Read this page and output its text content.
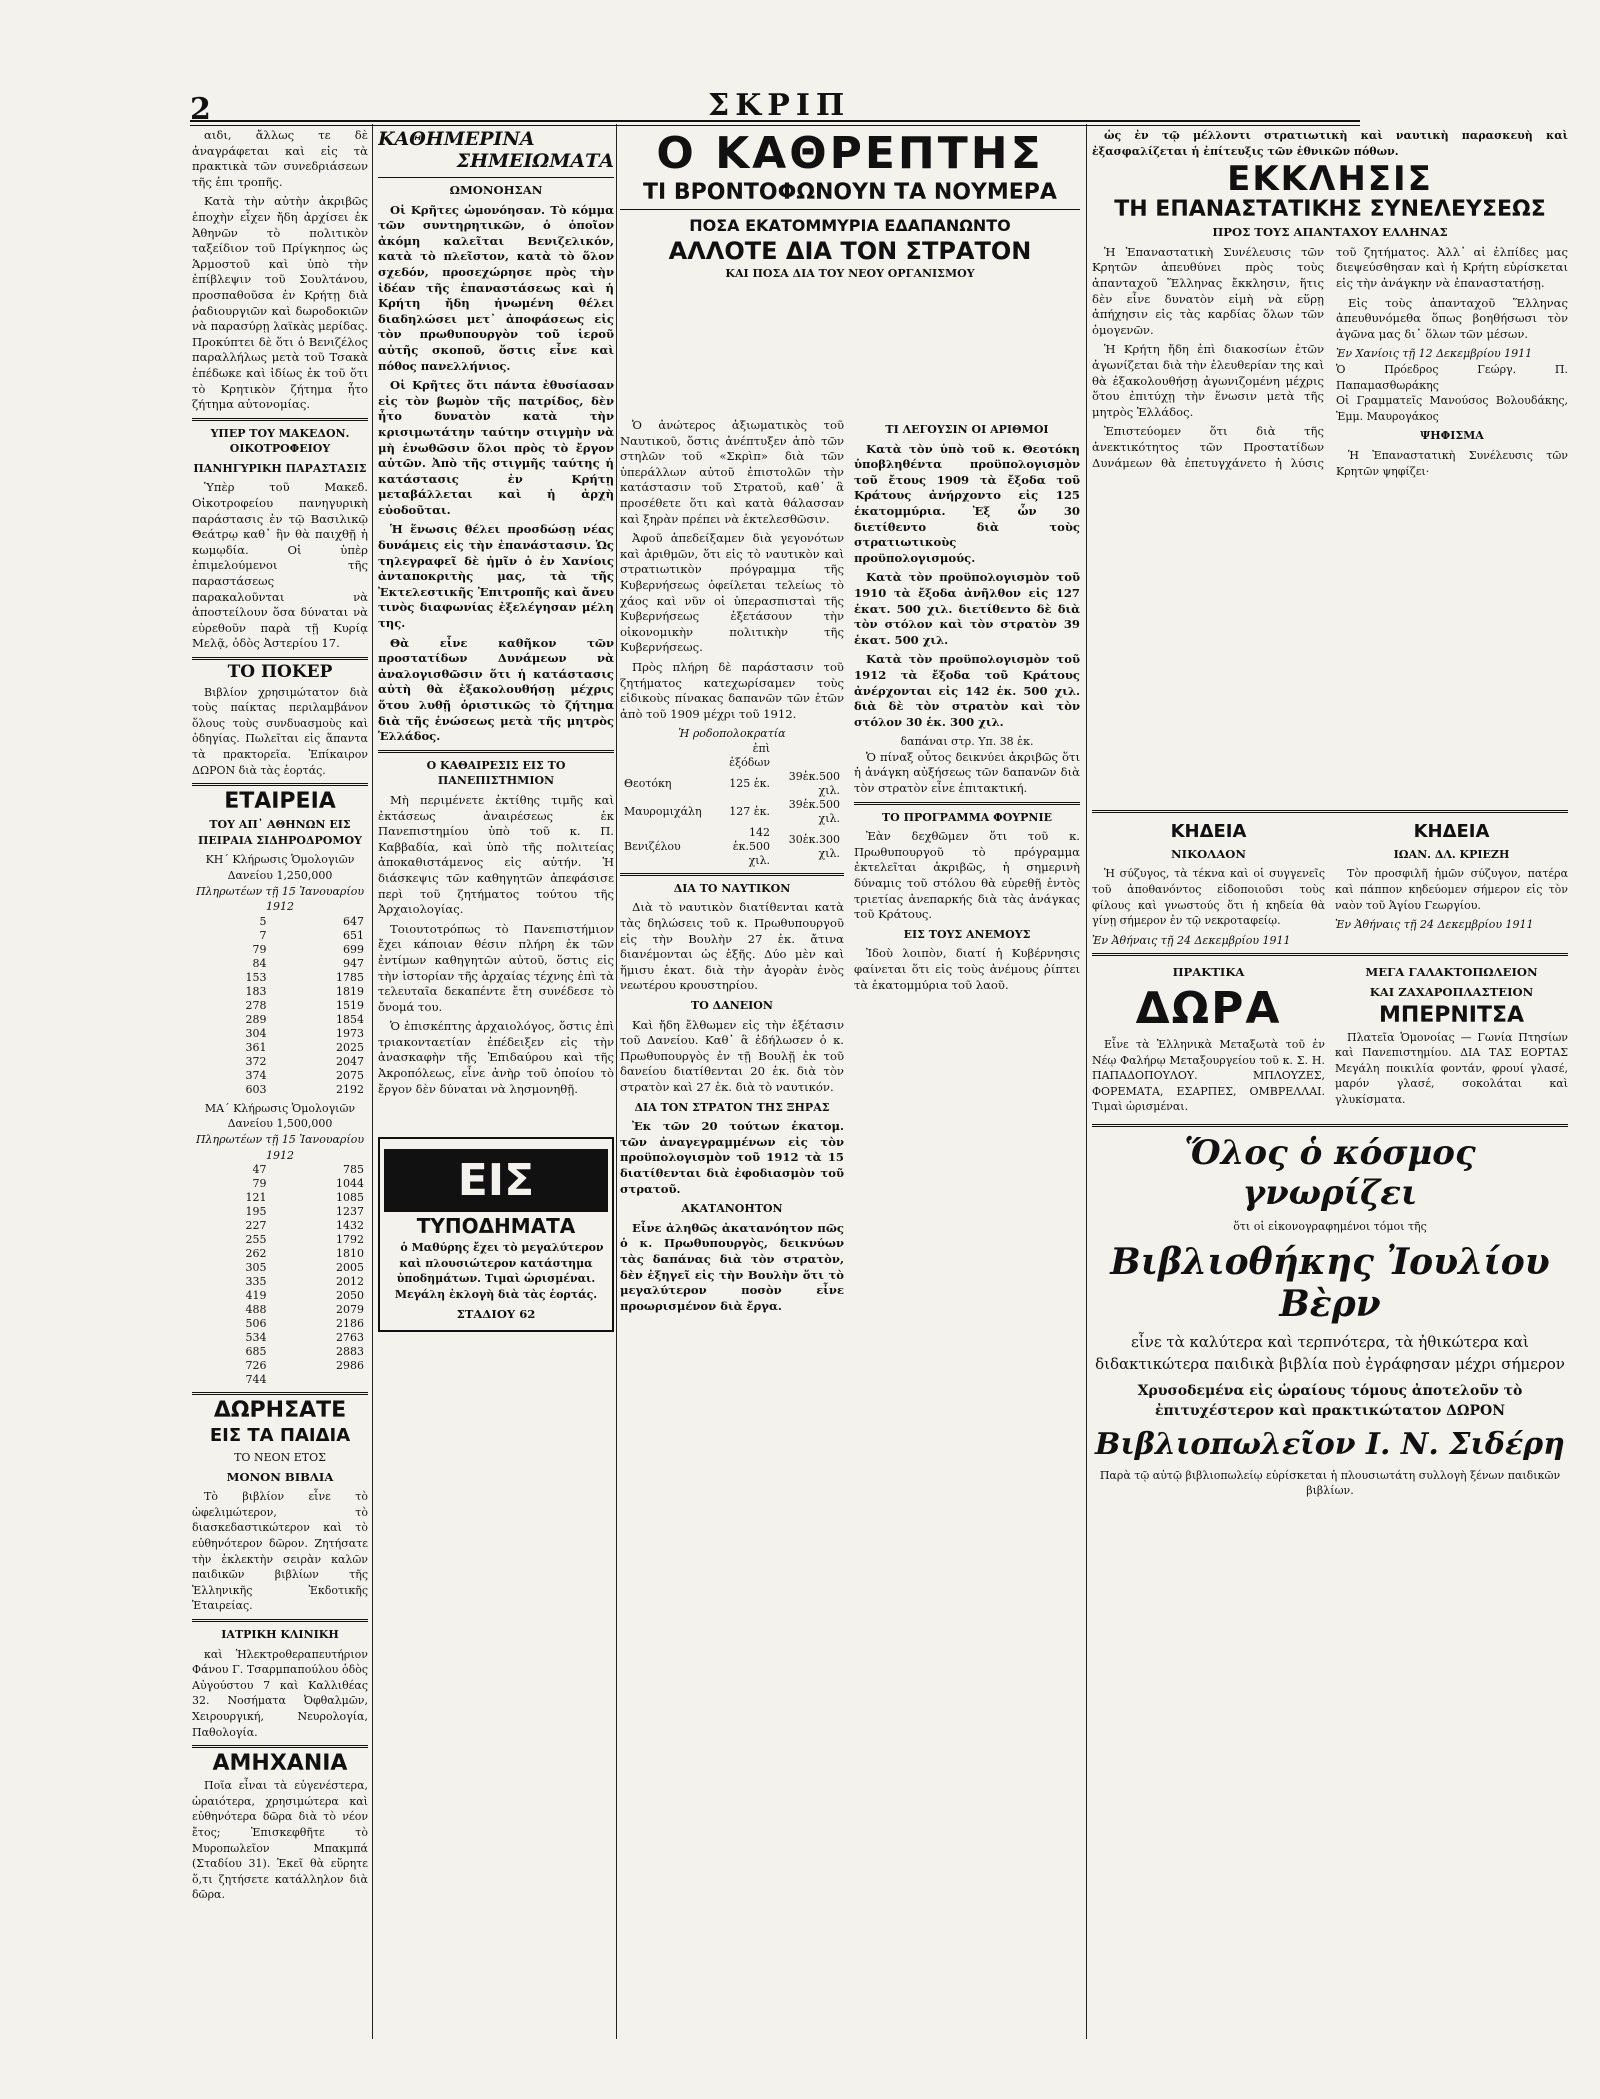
2	ΣΚΡΙΠ

αιδι, ἄλλως τε δὲ ἀναγράφεται καὶ εἰς τὰ πρακτικὰ τῶν συνεδριάσεων τῆς ἐπι τροπῆς.

Κατὰ τὴν αὐτὴν ἀκριβῶς ἐποχὴν εἶχεν ἤδη ἀρχίσει ἐκ Ἀθηνῶν τὸ πολιτικὸν ταξείδιον τοῦ Πρίγκηπος ὡς Ἁρμοστοῦ καὶ ὑπὸ τὴν ἐπίβλεψιν τοῦ Σουλτάνου, προσπαθοῦσα ἐν Κρήτῃ διὰ ῥαδιουργιῶν καὶ δωροδοκιῶν νὰ παρασύρῃ λαϊκὰς μερίδας. Προκύπτει δὲ ὅτι ὁ Βενιζέλος παραλλήλως μετὰ τοῦ Τσακὰ ἐπέδωκε καὶ ἰδίως ἐκ τοῦ ὅτι τὸ Κρητικὸν ζήτημα ἦτο ζήτημα αὐτονομίας.

ΥΠΕΡ ΤΟΥ ΜΑΚΕΔΟΝ. ΟΙΚΟΤΡΟΦΕΙΟΥ
ΠΑΝΗΓΥΡΙΚΗ ΠΑΡΑΣΤΑΣΙΣ

Ὑπὲρ τοῦ Μακεδ. Οἰκοτροφείου πανηγυρικὴ παράστασις ἐν τῷ Βασιλικῷ Θεάτρῳ καθ᾽ ἣν θὰ παιχθῇ ἡ κωμῳδία. Οἱ ὑπὲρ ἐπιμελούμενοι τῆς παραστάσεως παρακαλοῦνται νὰ ἀποστείλουν ὅσα δύναται νὰ εὑρεθοῦν παρὰ τῇ Κυρίᾳ Μελᾷ, ὁδὸς Ἀστερίου 17.

ΤΟ ΠΟΚΕΡ

Βιβλίον χρησιμώτατον διὰ τοὺς παίκτας περιλαμβάνον ὅλους τοὺς συνδυασμοὺς καὶ ὁδηγίας. Πωλεῖται εἰς ἅπαντα τὰ πρακτορεῖα. Ἐπίκαιρον ΔΩΡΟΝ διὰ τὰς ἑορτάς.

ΕΤΑΙΡΕΙΑ
ΤΟΥ ΑΠ᾽ ΑΘΗΝΩΝ ΕΙΣ ΠΕΙΡΑΙΑ ΣΙΔΗΡΟΔΡΟΜΟΥ
ΚΗ΄ Κλήρωσις Ὁμολογιῶν Δανείου 1,250,000
Πληρωτέων τῇ 15 Ἰανουαρίου 1912
5	647
7	651
79	699
84	947
153	1785
183	1819
278	1519
289	1854
304	1973
361	2025
372	2047
374	2075
603	2192
ΜΑ΄ Κλήρωσις Ὁμολογιῶν Δανείου 1,500,000
Πληρωτέων τῇ 15 Ἰανουαρίου 1912
47	785
79	1044
121	1085
195	1237
227	1432
255	1792
262	1810
305	2005
335	2012
419	2050
488	2079
506	2186
534	2763
685	2883
726	2986
744	
ΔΩΡΗΣΑΤΕ
ΕΙΣ ΤΑ ΠΑΙΔΙΑ
ΤΟ ΝΕΟΝ ΕΤΟΣ
ΜΟΝΟΝ ΒΙΒΛΙΑ

Τὸ βιβλίον εἶνε τὸ ὠφελιμώτερον, τὸ διασκεδαστικώτερον καὶ τὸ εὐθηνότερον δῶρον. Ζητήσατε τὴν ἐκλεκτὴν σειρὰν καλῶν παιδικῶν βιβλίων τῆς Ἑλληνικῆς Ἐκδοτικῆς Ἑταιρείας.

ΙΑΤΡΙΚΗ ΚΛΙΝΙΚΗ

καὶ Ἠλεκτροθεραπευτήριον Φάνου Γ. Τσαρμπαπούλου ὁδὸς Αὐγούστου 7 καὶ Καλλιθέας 32. Νοσήματα Ὀφθαλμῶν, Χειρουργική, Νευρολογία, Παθολογία.

ΑΜΗΧΑΝΙΑ

Ποῖα εἶναι τὰ εὐγενέστερα, ὡραιότερα, χρησιμώτερα καὶ εὐθηνότερα δῶρα διὰ τὸ νέον ἔτος; Ἐπισκεφθῆτε τὸ Μυροπωλεῖον Μπακμπά (Σταδίου 31). Ἐκεῖ θὰ εὕρητε ὅ,τι ζητήσετε κατάλληλον διὰ δῶρα.

ΚΑΘΗΜΕΡΙΝΑ
ΣΗΜΕΙΩΜΑΤΑ
ΩΜΟΝΟΗΣΑΝ

Οἱ Κρῆτες ὡμονόησαν. Τὸ κόμμα τῶν συντηρητικῶν, ὁ ὁποῖον ἀκόμη καλεῖται Βενιζελικόν, κατὰ τὸ πλεῖστον, κατὰ τὸ ὅλον σχεδόν, προσεχώρησε πρὸς τὴν ἰδέαν τῆς ἐπαναστάσεως καὶ ἡ Κρήτη ἤδη ἡνωμένη θέλει διαδηλώσει μετ᾽ ἀποφάσεως εἰς τὸν πρωθυπουργὸν τοῦ ἱεροῦ αὐτῆς σκοποῦ, ὅστις εἶνε καὶ πόθος πανελλήνιος.

Οἱ Κρῆτες ὅτι πάντα ἐθυσίασαν εἰς τὸν βωμὸν τῆς πατρίδος, δὲν ἦτο δυνατὸν κατὰ τὴν κρισιμωτάτην ταύτην στιγμὴν νὰ μὴ ἑνωθῶσιν ὅλοι πρὸς τὸ ἔργον αὐτῶν. Ἀπὸ τῆς στιγμῆς ταύτης ἡ κατάστασις ἐν Κρήτῃ μεταβάλλεται καὶ ἡ ἀρχὴ εὐοδοῦται.

Ἡ ἕνωσις θέλει προσδώσῃ νέας δυνάμεις εἰς τὴν ἐπανάστασιν. Ὡς τηλεγραφεῖ δὲ ἡμῖν ὁ ἐν Χανίοις ἀνταποκριτὴς μας, τὰ τῆς Ἐκτελεστικῆς Ἐπιτροπῆς καὶ ἄνευ τινὸς διαφωνίας ἐξελέγησαν μέλη της.

Θὰ εἶνε καθῆκον τῶν προστατίδων Δυνάμεων νὰ ἀναλογισθῶσιν ὅτι ἡ κατάστασις αὐτὴ θὰ ἐξακολουθήσῃ μέχρις ὅτου λυθῇ ὁριστικῶς τὸ ζήτημα διὰ τῆς ἑνώσεως μετὰ τῆς μητρὸς Ἑλλάδος.

Ο ΚΑΘΑΙΡΕΣΙΣ ΕΙΣ ΤΟ ΠΑΝΕΠΙΣΤΗΜΙΟΝ

Μὴ περιμένετε ἐκτίθης τιμῆς καὶ ἐκτάσεως ἀναιρέσεως ἐκ Πανεπιστημίου ὑπὸ τοῦ κ. Π. Καββαδία, καὶ ὑπὸ τῆς πολιτείας ἀποκαθιστάμενος εἰς αὐτήν. Ἡ διάσκεψις τῶν καθηγητῶν ἀπεφάσισε περὶ τοῦ ζητήματος τούτου τῆς Ἀρχαιολογίας.

Τοιουτοτρόπως τὸ Πανεπιστήμιον ἔχει κάποιαν θέσιν πλήρη ἐκ τῶν ἐντίμων καθηγητῶν αὐτοῦ, ὅστις εἰς τὴν ἱστορίαν τῆς ἀρχαίας τέχνης ἐπὶ τὰ τελευταῖα δεκαπέντε ἔτη συνέδεσε τὸ ὄνομά του.

Ὁ ἐπισκέπτης ἀρχαιολόγος, ὅστις ἐπὶ τριακονταετίαν ἐπέδειξεν εἰς τὴν ἀνασκαφὴν τῆς Ἐπιδαύρου καὶ τῆς Ἀκροπόλεως, εἶνε ἀνὴρ τοῦ ὁποίου τὸ ἔργον δὲν δύναται νὰ λησμονηθῇ.

ΕΙΣ
ΤΥΠΟΔΗΜΑΤΑ

ὁ Μαθύρης ἔχει τὸ μεγαλύτερον καὶ πλουσιώτερον κατάστημα ὑποδημάτων. Τιμαὶ ὡρισμέναι. Μεγάλη ἐκλογὴ διὰ τὰς ἑορτάς.

ΣΤΑΔΙΟΥ 62
Ο ΚΑΘΡΕΠΤΗΣ
ΤΙ ΒΡΟΝΤΟΦΩΝΟΥΝ ΤΑ ΝΟΥΜΕΡΑ
ΠΟΣΑ ΕΚΑΤΟΜΜΥΡΙΑ ΕΔΑΠΑΝΩΝΤΟ
ΑΛΛΟΤΕ ΔΙΑ ΤΟΝ ΣΤΡΑΤΟΝ
ΚΑΙ ΠΟΣΑ ΔΙΑ ΤΟΥ ΝΕΟΥ ΟΡΓΑΝΙΣΜΟΥ

Ὁ ἀνώτερος ἀξιωματικὸς τοῦ Ναυτικοῦ, ὅστις ἀνέπτυξεν ἀπὸ τῶν στηλῶν τοῦ «Σκρὶπ» διὰ τῶν ὑπεράλλων αὐτοῦ ἐπιστολῶν τὴν κατάστασιν τοῦ Στρατοῦ, καθ᾽ ἃ προσέθετε ὅτι καὶ κατὰ θάλασσαν καὶ ξηρὰν πρέπει νὰ ἐκτελεσθῶσιν.

Ἀφοῦ ἀπεδείξαμεν διὰ γεγονότων καὶ ἀριθμῶν, ὅτι εἰς τὸ ναυτικὸν καὶ στρατιωτικὸν πρόγραμμα τῆς Κυβερνήσεως ὀφείλεται τελείως τὸ χάος καὶ νῦν οἱ ὑπερασπισταὶ τῆς Κυβερνήσεως ἐξετάσουν τὴν οἰκονομικὴν πολιτικὴν τῆς Κυβερνήσεως.

Πρὸς πλήρη δὲ παράστασιν τοῦ ζητήματος κατεχωρίσαμεν τοὺς εἰδικοὺς πίνακας δαπανῶν τῶν ἐτῶν ἀπὸ τοῦ 1909 μέχρι τοῦ 1912.

Ἡ ροδοπολοκρατία
	ἐπὶ ἐξόδων	
Θεοτόκη	125 ἑκ.	39ἑκ.500 χιλ.
Μαυρομιχάλη	127 ἑκ.	39ἑκ.500 χιλ.
Βενιζέλου	142 ἑκ.500 χιλ.	30ἑκ.300 χιλ.
ΔΙΑ ΤΟ ΝΑΥΤΙΚΟΝ

Διὰ τὸ ναυτικὸν διατίθενται κατὰ τὰς δηλώσεις τοῦ κ. Πρωθυπουργοῦ εἰς τὴν Βουλὴν 27 ἑκ. ἄτινα διανέμονται ὡς ἑξῆς. Δύο μὲν καὶ ἥμισυ ἑκατ. διὰ τὴν ἀγορὰν ἑνὸς νεωτέρου κρουστηρίου.

ΤΟ ΔΑΝΕΙΟΝ

Καὶ ἤδη ἔλθωμεν εἰς τὴν ἐξέτασιν τοῦ Δανείου. Καθ᾽ ἃ ἐδήλωσεν ὁ κ. Πρωθυπουργὸς ἐν τῇ Βουλῇ ἐκ τοῦ δανείου διατίθενται 20 ἑκ. διὰ τὸν στρατὸν καὶ 27 ἑκ. διὰ τὸ ναυτικόν.

ΔΙΑ ΤΟΝ ΣΤΡΑΤΟΝ ΤΗΣ ΞΗΡΑΣ

Ἐκ τῶν 20 τούτων ἑκατομ. τῶν ἀναγεγραμμένων εἰς τὸν προϋπολογισμὸν τοῦ 1912 τὰ 15 διατίθενται διὰ ἐφοδιασμὸν τοῦ στρατοῦ.

ΑΚΑΤΑΝΟΗΤΟΝ

Εἶνε ἀληθῶς ἀκατανόητον πῶς ὁ κ. Πρωθυπουργὸς, δεικνύων τὰς δαπάνας διὰ τὸν στρατὸν, δὲν ἐξηγεῖ εἰς τὴν Βουλὴν ὅτι τὸ μεγαλύτερον ποσὸν εἶνε προωρισμένον διὰ ἔργα.

ΤΙ ΛΕΓΟΥΣΙΝ ΟΙ ΑΡΙΘΜΟΙ

Κατὰ τὸν ὑπὸ τοῦ κ. Θεοτόκη ὑποβληθέντα προϋπολογισμὸν τοῦ ἔτους 1909 τὰ ἔξοδα τοῦ Κράτους ἀνήρχοντο εἰς 125 ἑκατομμύρια. Ἐξ ὧν 30 διετίθεντο διὰ τοὺς στρατιωτικοὺς προϋπολογισμούς.

Κατὰ τὸν προϋπολογισμὸν τοῦ 1910 τὰ ἔξοδα ἀνῆλθον εἰς 127 ἑκατ. 500 χιλ. διετίθεντο δὲ διὰ τὸν στόλον καὶ τὸν στρατὸν 39 ἑκατ. 500 χιλ.

Κατὰ τὸν προϋπολογισμὸν τοῦ 1912 τὰ ἔξοδα τοῦ Κράτους ἀνέρχονται εἰς 142 ἑκ. 500 χιλ. διὰ δὲ τὸν στρατὸν καὶ τὸν στόλον 30 ἑκ. 300 χιλ.

δαπάναι στρ. Υπ. 38 ἑκ.

Ὁ πίναξ οὗτος δεικνύει ἀκριβῶς ὅτι ἡ ἀνάγκη αὐξήσεως τῶν δαπανῶν διὰ τὸν στρατὸν εἶνε ἐπιτακτική.

ΤΟ ΠΡΟΓΡΑΜΜΑ ΦΟΥΡΝΙΕ

Ἐὰν δεχθῶμεν ὅτι τοῦ κ. Πρωθυπουργοῦ τὸ πρόγραμμα ἐκτελεῖται ἀκριβῶς, ἡ σημερινὴ δύναμις τοῦ στόλου θὰ εὑρεθῇ ἐντὸς τριετίας ἀνεπαρκής διὰ τὰς ἀνάγκας τοῦ Κράτους.

ΕΙΣ ΤΟΥΣ ΑΝΕΜΟΥΣ

Ἰδοὺ λοιπὸν, διατί ἡ Κυβέρνησις φαίνεται ὅτι εἰς τοὺς ἀνέμους ῥίπτει τὰ ἐκατομμύρια τοῦ λαοῦ.

ὡς ἐν τῷ μέλλοντι στρατιωτικὴ καὶ ναυτικὴ παρασκευὴ καὶ ἐξασφαλίζεται ἡ ἐπίτευξις τῶν ἐθνικῶν πόθων.

ΕΚΚΛΗΣΙΣ
ΤΗ ΕΠΑΝΑΣΤΑΤΙΚΗΣ ΣΥΝΕΛΕΥΣΕΩΣ
ΠΡΟΣ ΤΟΥΣ ΑΠΑΝΤΑΧΟΥ ΕΛΛΗΝΑΣ

Ἡ Ἐπαναστατικὴ Συνέλευσις τῶν Κρητῶν ἀπευθύνει πρὸς τοὺς ἀπανταχοῦ Ἕλληνας ἔκκλησιν, ἥτις δὲν εἶνε δυνατὸν εἰμὴ νὰ εὕρῃ ἀπήχησιν εἰς τὰς καρδίας ὅλων τῶν ὁμογενῶν.

Ἡ Κρήτη ἤδη ἐπὶ διακοσίων ἐτῶν ἀγωνίζεται διὰ τὴν ἐλευθερίαν της καὶ θὰ ἐξακολουθήσῃ ἀγωνιζομένη μέχρις ὅτου ἐπιτύχῃ τὴν ἕνωσιν μετὰ τῆς μητρὸς Ἑλλάδος.

Ἐπιστεύομεν ὅτι διὰ τῆς ἀνεκτικότητος τῶν Προστατίδων Δυνάμεων θὰ ἐπετυγχάνετο ἡ λύσις τοῦ ζητήματος. Ἀλλ᾽ αἱ ἐλπίδες μας διεψεύσθησαν καὶ ἡ Κρήτη εὑρίσκεται εἰς τὴν ἀνάγκην νὰ ἐπαναστατήσῃ.

Εἰς τοὺς ἀπανταχοῦ Ἕλληνας ἀπευθυνόμεθα ὅπως βοηθήσωσι τὸν ἀγῶνα μας δι᾽ ὅλων τῶν μέσων.

Ἐν Χανίοις τῇ 12 Δεκεμβρίου 1911
Ὁ Πρόεδρος Γεώργ. Π. Παπαμασθωράκης
Οἱ Γραμματεῖς Μανούσος Βολουδάκης, Ἐμμ. Μαυρογάκος
ΨΗΦΙΣΜΑ

Ἡ Ἐπαναστατικὴ Συνέλευσις τῶν Κρητῶν ψηφίζει·

ΚΗΔΕΙΑ
ΝΙΚΟΛΑΟΝ

Ἡ σύζυγος, τὰ τέκνα καὶ οἱ συγγενεῖς τοῦ ἀποθανόντος εἰδοποιοῦσι τοὺς φίλους καὶ γνωστούς ὅτι ἡ κηδεία θὰ γίνῃ σήμερον ἐν τῷ νεκροταφείῳ.

Ἐν Ἀθήναις τῇ 24 Δεκεμβρίου 1911
ΚΗΔΕΙΑ
ΙΩΑΝ. ΔΛ. ΚΡΙΕΖΗ

Τὸν προσφιλῆ ἡμῶν σύζυγον, πατέρα καὶ πάππον κηδεύομεν σήμερον εἰς τὸν ναὸν τοῦ Ἁγίου Γεωργίου.

Ἐν Ἀθήναις τῇ 24 Δεκεμβρίου 1911
ΠΡΑΚΤΙΚΑ
ΔΩΡΑ

Εἶνε τὰ Ἑλληνικὰ Μεταξωτὰ τοῦ ἐν Νέῳ Φαλήρῳ Μεταξουργείου τοῦ κ. Σ. Η. ΠΑΠΑΔΟΠΟΥΛΟΥ. ΜΠΛΟΥΖΕΣ, ΦΟΡΕΜΑΤΑ, ΕΣΑΡΠΕΣ, ΟΜΒΡΕΛΛΑΙ. Τιμαὶ ὡρισμέναι.

ΜΕΓΑ ΓΑΛΑΚΤΟΠΩΛΕΙΟΝ
ΚΑΙ ΖΑΧΑΡΟΠΛΑΣΤΕΙΟΝ
ΜΠΕΡΝΙΤΣΑ

Πλατεῖα Ὁμονοίας — Γωνία Πτησίων καὶ Πανεπιστημίου. ΔΙΑ ΤΑΣ ΕΟΡΤΑΣ Μεγάλη ποικιλία φοντάν, φρουί γλασέ, μαρόν γλασέ, σοκολάται καὶ γλυκίσματα.

Ὅλος ὁ κόσμος γνωρίζει
ὅτι οἱ εἰκονογραφημένοι τόμοι τῆς
Βιβλιοθήκης Ἰουλίου Βὲρν
εἶνε τὰ καλύτερα καὶ τερπνότερα, τὰ ἠθικώτερα καὶ διδακτικώτερα παιδικὰ βιβλία ποὺ ἐγράφησαν μέχρι σήμερον
Χρυσοδεμένα εἰς ὡραίους τόμους ἀποτελοῦν τὸ ἐπιτυχέστερον καὶ πρακτικώτατον ΔΩΡΟΝ
Βιβλιοπωλεῖον Ι. Ν. Σιδέρη
Παρὰ τῷ αὐτῷ βιβλιοπωλείῳ εὑρίσκεται ἡ πλουσιωτάτη συλλογὴ ξένων παιδικῶν βιβλίων.
